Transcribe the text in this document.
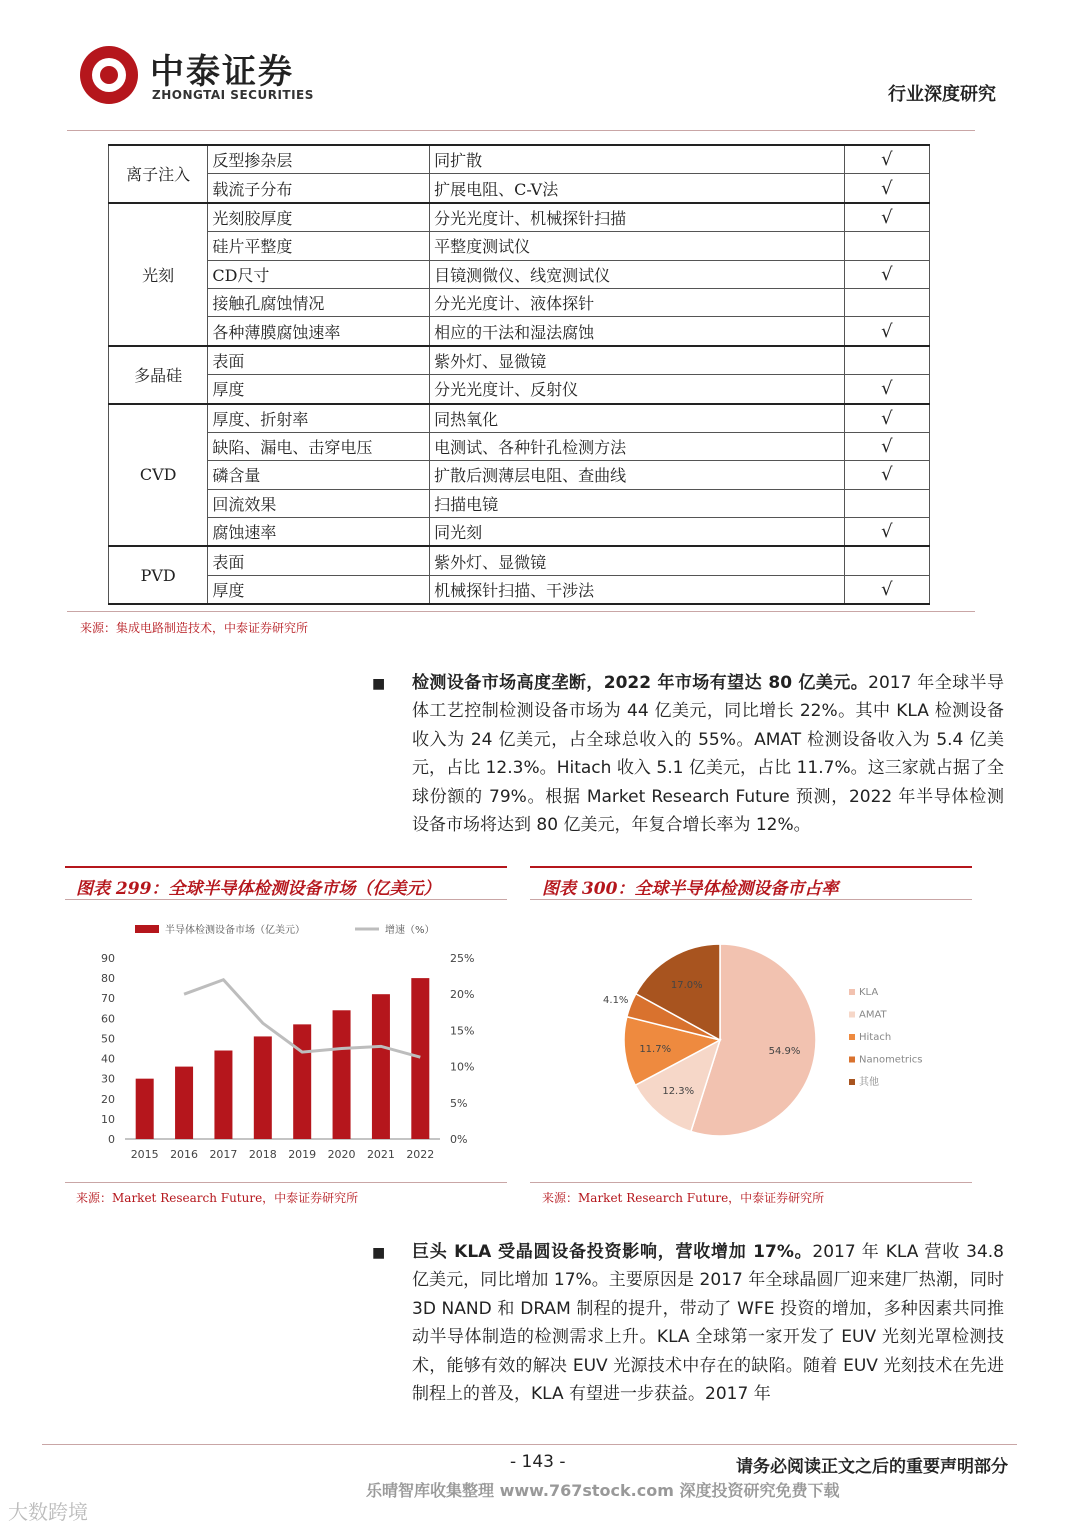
中泰证券
ZHONGTAI SECURITIES	行业深度研究
离子注入	反型掺杂层	同扩散	√
	载流子分布	扩展电阻、C-V法	√
光刻	光刻胶厚度	分光光度计、机械探针扫描	√
	硅片平整度	平整度测试仪	
	CD尺寸	目镜测微仪、线宽测试仪	√
	接触孔腐蚀情况	分光光度计、液体探针	
	各种薄膜腐蚀速率	相应的干法和湿法腐蚀	√
多晶硅	表面	紫外灯、显微镜	
	厚度	分光光度计、反射仪	√
CVD	厚度、折射率	同热氧化	√
	缺陷、漏电、击穿电压	电测试、各种针孔检测方法	√
	磷含量	扩散后测薄层电阻、查曲线	√
	回流效果	扫描电镜	
	腐蚀速率	同光刻	√
PVD	表面	紫外灯、显微镜	
	厚度	机械探针扫描、干涉法	√
来源：集成电路制造技术，中泰证券研究所
■ 检测设备市场高度垄断，2022 年市场有望达 80 亿美元。2017 年全球半导体工艺控制检测设备市场为 44 亿美元，同比增长 22%。其中 KLA 检测设备收入为 24 亿美元，占全球总收入的 55%。AMAT 检测设备收入为 5.4 亿美元，占比 12.3%。Hitach 收入 5.1 亿美元，占比 11.7%。这三家就占据了全球份额的 79%。根据 Market Research Future 预测，2022 年半导体检测设备市场将达到 80 亿美元，年复合增长率为 12%。
图表 299：全球半导体检测设备市场（亿美元）
0
10
20
30
40
50
60
70
80
90
0%
5%
10%
15%
20%
25%
2015 2016 2017 2018 2019 2020 2021 2022
半导体检测设备市场（亿美元）	增速（%）
来源：Market Research Future，中泰证券研究所
图表 300：全球半导体检测设备市占率
54.9%
12.3%
11.7%
4.1%
17.0%
KLA
AMAT
Hitach
Nanometrics
其他
来源：Market Research Future，中泰证券研究所
■ 巨头 KLA 受晶圆设备投资影响，营收增加 17%。2017 年 KLA 营收 34.8 亿美元，同比增加 17%。主要原因是 2017 年全球晶圆厂迎来建厂热潮，同时 3D NAND 和 DRAM 制程的提升，带动了 WFE 投资的增加，多种因素共同推动半导体制造的检测需求上升。KLA 全球第一家开发了 EUV 光刻光罩检测技术，能够有效的解决 EUV 光源技术中存在的缺陷。随着 EUV 光刻技术在先进制程上的普及，KLA 有望进一步获益。2017 年
- 143 -	请务必阅读正文之后的重要声明部分
乐晴智库收集整理 www.767stock.com 深度投资研究免费下载
大数跨境
